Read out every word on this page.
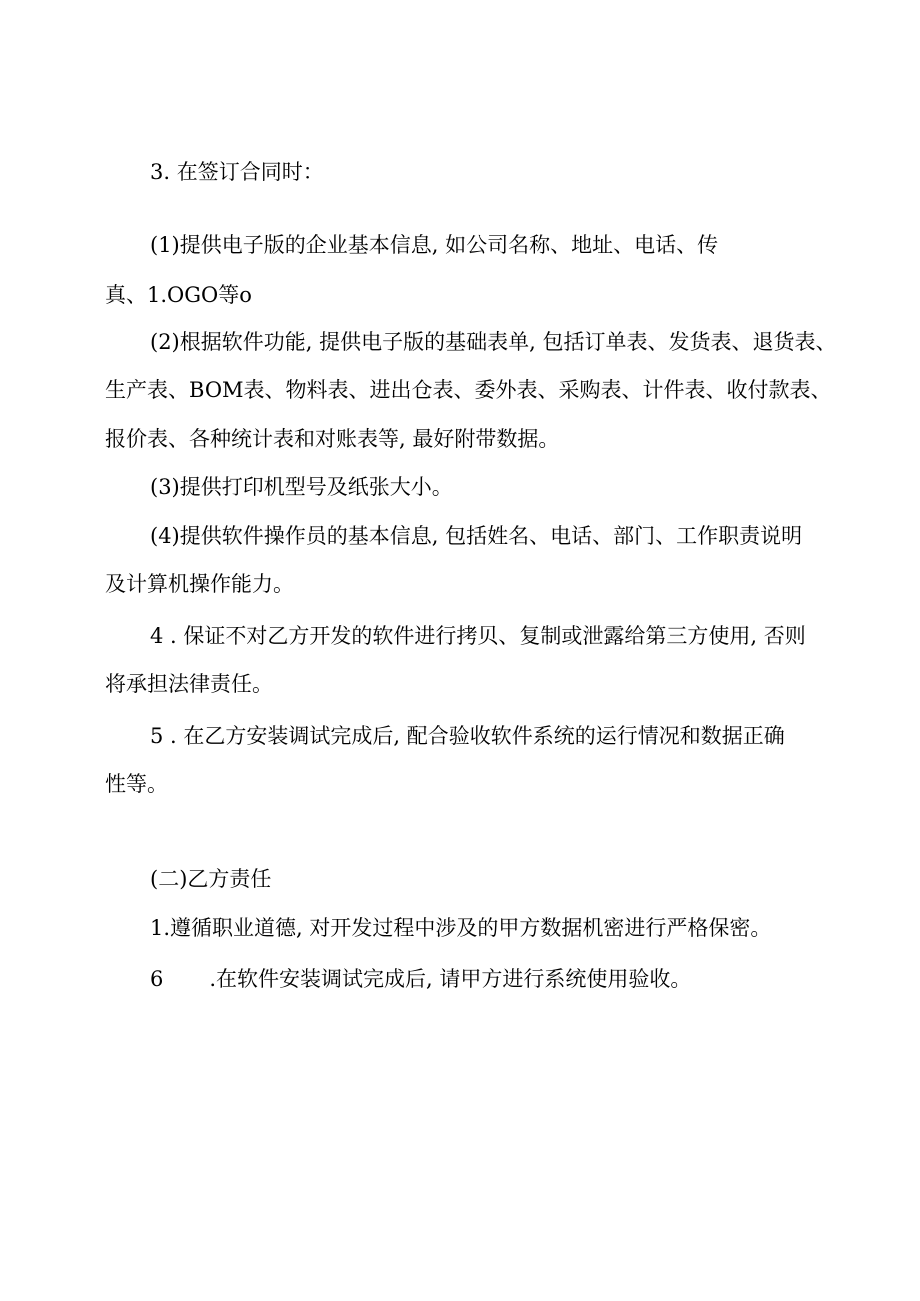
3. 在签订合同时：
(1)提供电子版的企业基本信息, 如公司名称、地址、电话、传
真、1.OGO等o
(2)根据软件功能, 提供电子版的基础表单, 包括订单表、发货表、退货表、
生产表、BOM表、物料表、进出仓表、委外表、采购表、计件表、收付款表、
报价表、各种统计表和对账表等, 最好附带数据。
(3)提供打印机型号及纸张大小。
(4)提供软件操作员的基本信息, 包括姓名、电话、部门、工作职责说明
及计算机操作能力。
4 . 保证不对乙方开发的软件进行拷贝、复制或泄露给第三方使用, 否则
将承担法律责任。
5 . 在乙方安装调试完成后, 配合验收软件系统的运行情况和数据正确
性等。
(二)乙方责任
1.遵循职业道德, 对开发过程中涉及的甲方数据机密进行严格保密。
6 .在软件安装调试完成后, 请甲方进行系统使用验收。
